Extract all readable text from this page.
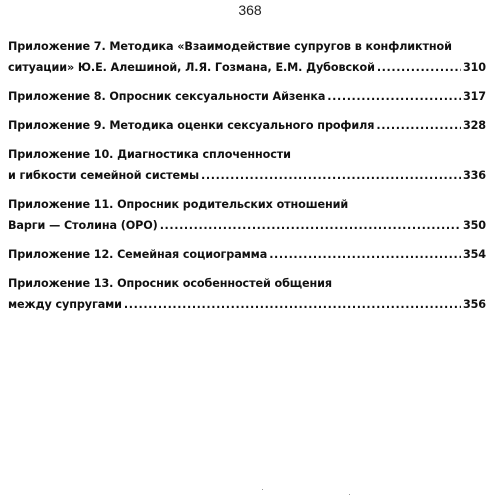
368
Приложение 7. Методика «Взаимодействие супругов в конфликтной
ситуации» Ю.Е. Алешиной, Л.Я. Гозмана, Е.М. Дубовской .....	310
Приложение 8. Опросник сексуальности Айзенка .....	317
Приложение 9. Методика оценки сексуального профиля .....	328
Приложение 10. Диагностика сплоченности
и гибкости семейной системы .....	336
Приложение 11. Опросник родительских отношений
Варги — Столина (ОРО) .....	350
Приложение 12. Семейная социограмма .....	354
Приложение 13. Опросник особенностей общения
между супругами .....	356
